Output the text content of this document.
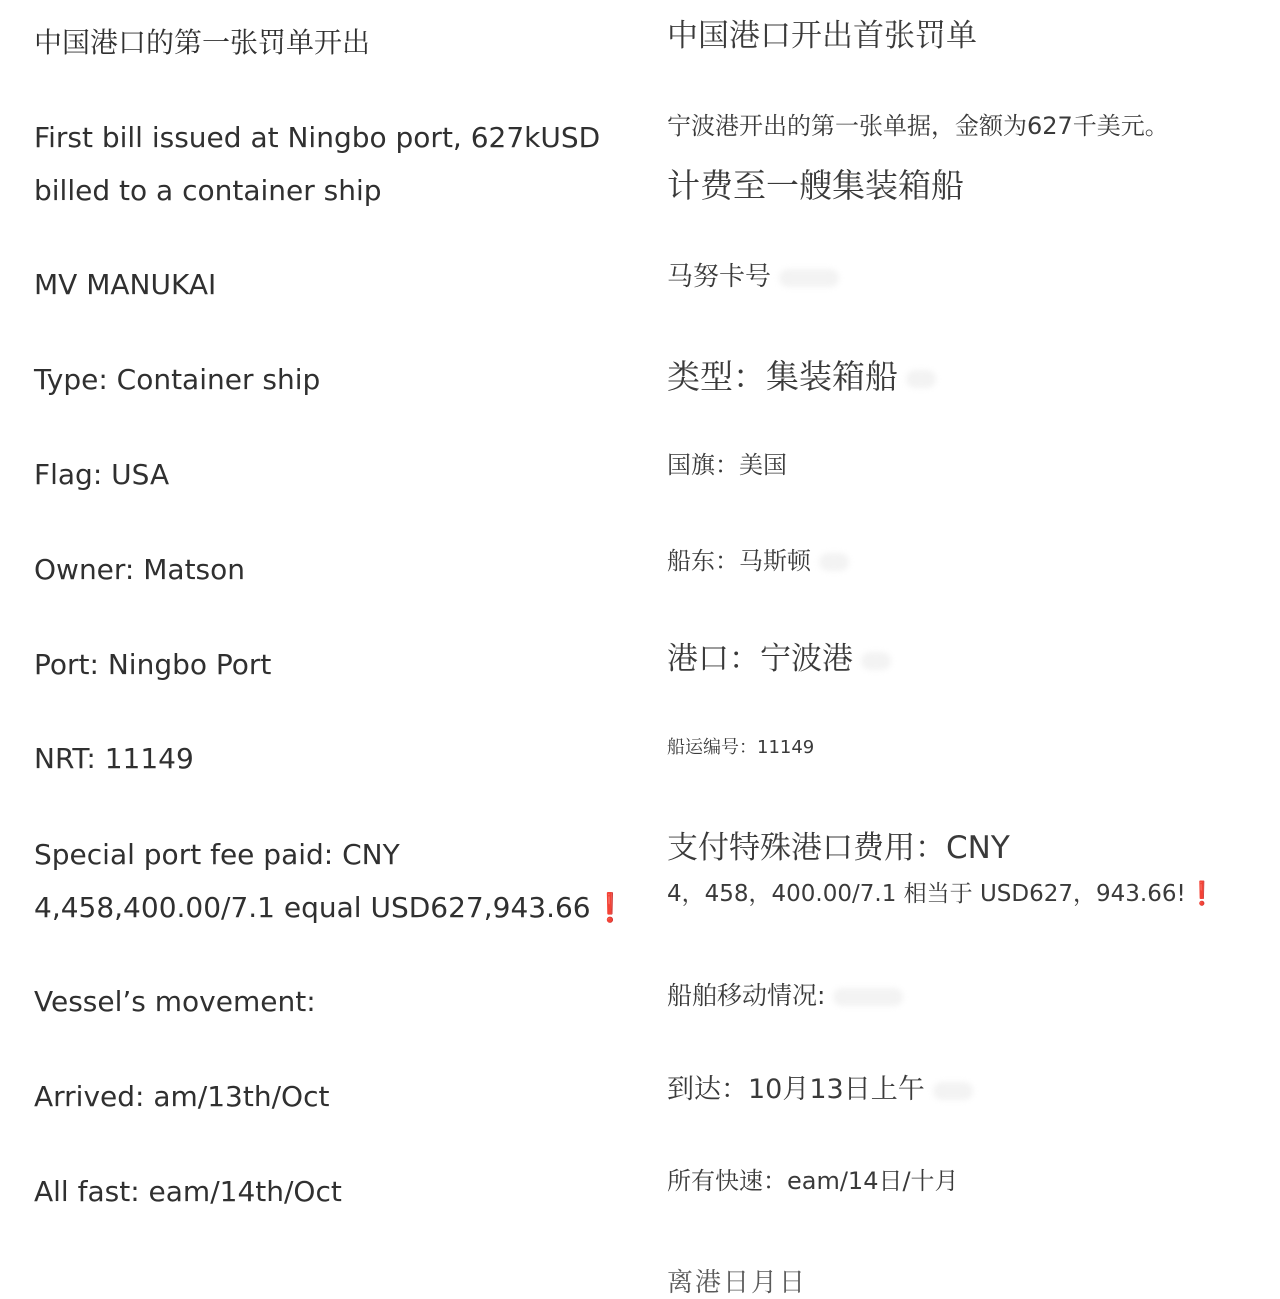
中国港口的第一张罚单开出
First bill issued at Ningbo port, 627kUSD
billed to a container ship
MV MANUKAI
Type: Container ship
Flag: USA
Owner: Matson
Port: Ningbo Port
NRT: 11149
Special port fee paid: CNY
4,458,400.00/7.1 equal USD627,943.66❗
Vessel’s movement:
Arrived: am/13th/Oct
All fast: eam/14th/Oct
中国港口开出首张罚单
宁波港开出的第一张单据，金额为627千美元。
计费至一艘集装箱船
马努卡号
类型：集装箱船
国旗：美国
船东：马斯顿
港口：宁波港
船运编号：11149
支付特殊港口费用：CNY
4，458，400.00/7.1 相当于 USD627，943.66!❗
船舶移动情况:
到达：10月13日上午
所有快速：eam/14日/十月
离港日月日
